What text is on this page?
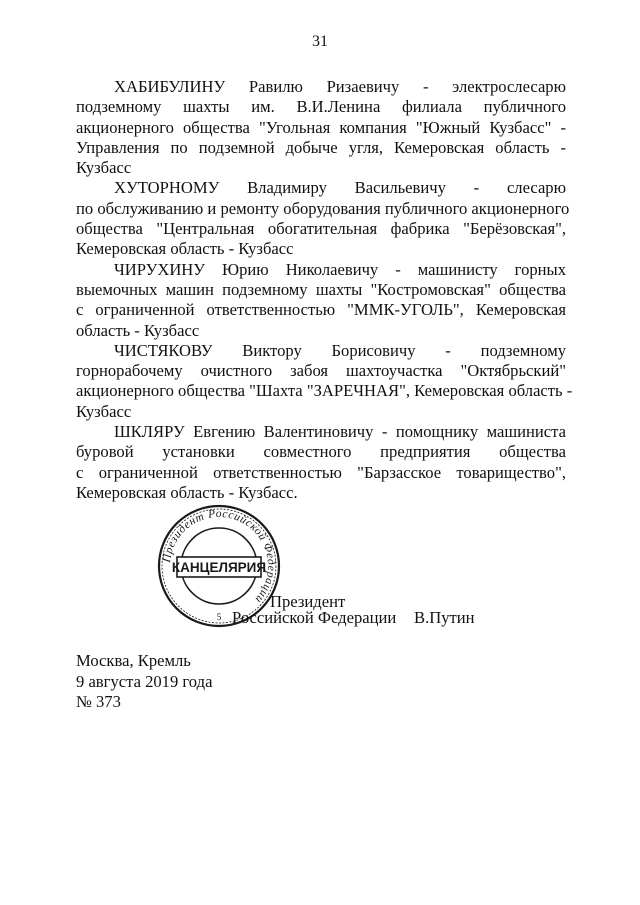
31
ХАБИБУЛИНУ Равилю Ризаевичу - электрослесарю
подземному шахты им. В.И.Ленина филиала публичного
акционерного общества "Угольная компания "Южный Кузбасс" -
Управления по подземной добыче угля, Кемеровская область -
Кузбасс
ХУТОРНОМУ Владимиру Васильевичу - слесарю
по обслуживанию и ремонту оборудования публичного акционерного
общества "Центральная обогатительная фабрика "Берёзовская",
Кемеровская область - Кузбасс
ЧИРУХИНУ Юрию Николаевичу - машинисту горных
выемочных машин подземному шахты "Костромовская" общества
с ограниченной ответственностью "ММК-УГОЛЬ", Кемеровская
область - Кузбасс
ЧИСТЯКОВУ Виктору Борисовичу - подземному
горнорабочему очистного забоя шахтоучастка "Октябрьский"
акционерного общества "Шахта "ЗАРЕЧНАЯ", Кемеровская область -
Кузбасс
ШКЛЯРУ Евгению Валентиновичу - помощнику машиниста
буровой установки совместного предприятия общества
с ограниченной ответственностью "Барзасское товарищество",
Кемеровская область - Кузбасс.
Президент Российской Федерации
5
КАНЦЕЛЯРИЯ
Президент
Российской Федерации В.Путин
Москва, Кремль
9 августа 2019 года
№ 373
